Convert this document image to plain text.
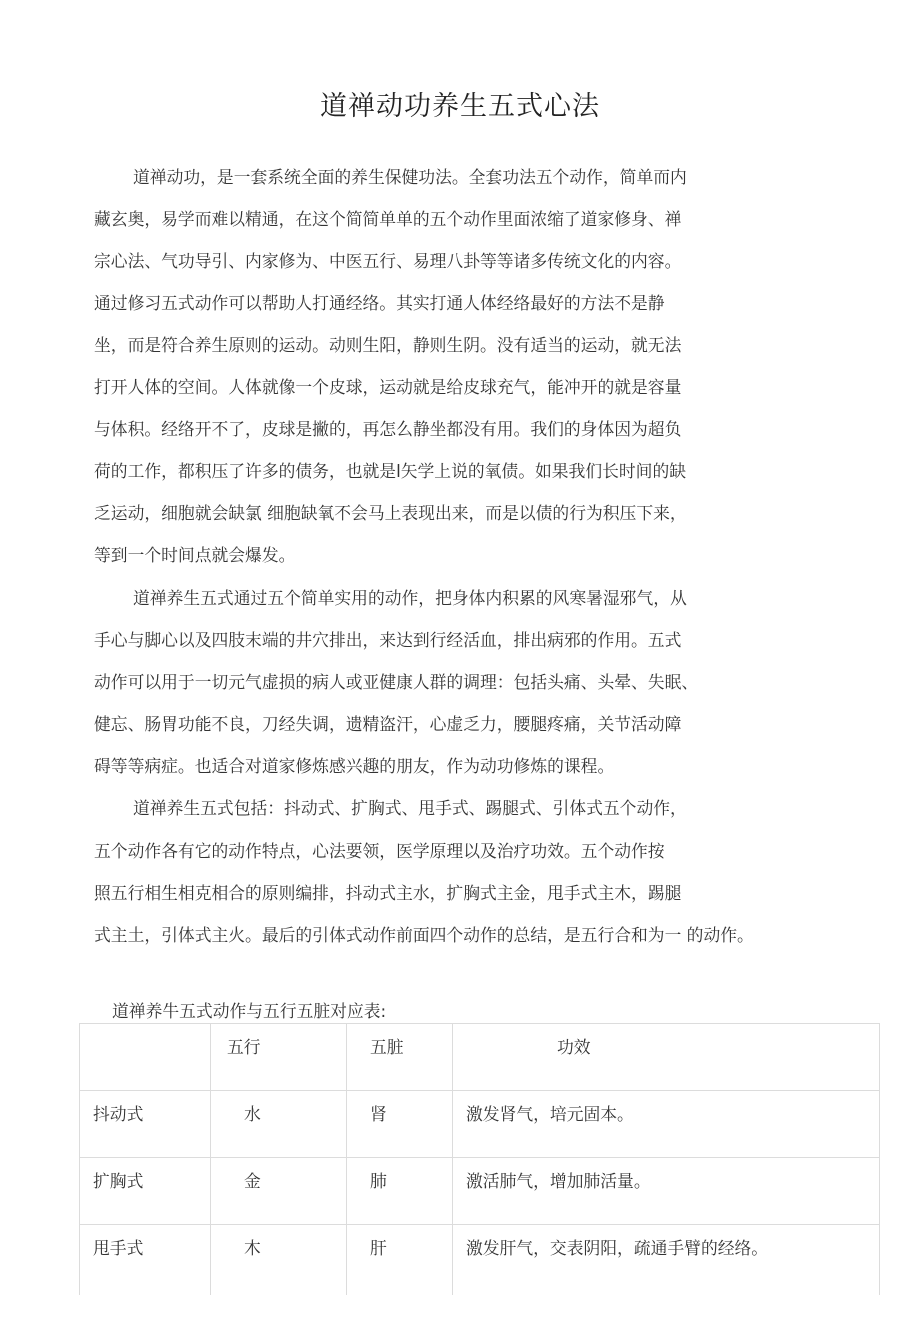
道禅动功养生五式心法
道禅动功，是一套系统全面的养生保健功法。全套功法五个动作，简单而内
藏玄奥，易学而难以精通，在这个简简单单的五个动作里面浓缩了道家修身、禅
宗心法、气功导引、内家修为、中医五行、易理八卦等等诸多传统文化的内容。
通过修习五式动作可以帮助人打通经络。其实打通人体经络最好的方法不是静
坐，而是符合养生原则的运动。动则生阳，静则生阴。没有适当的运动，就无法
打开人体的空间。人体就像一个皮球，运动就是给皮球充气，能冲开的就是容量
与体积。经络开不了，皮球是撇的，再怎么静坐都没有用。我们的身体因为超负
荷的工作，都积压了许多的债务，也就是l矢学上说的氧债。如果我们长时间的缺
乏运动，细胞就会缺氯 细胞缺氧不会马上表现出来，而是以债的行为积压下来，
等到一个时间点就会爆发。
道禅养生五式通过五个简单实用的动作，把身体内积累的风寒暑湿邪气，从
手心与脚心以及四肢末端的井穴排出，来达到行经活血，排出病邪的作用。五式
动作可以用于一切元气虚损的病人或亚健康人群的调理：包括头痛、头晕、失眠、
健忘、肠胃功能不良，刀经失调，遗精盗汗，心虚乏力，腰腿疼痛，关节活动障
碍等等病症。也适合对道家修炼感兴趣的朋友，作为动功修炼的课程。
道禅养生五式包括：抖动式、扩胸式、甩手式、踢腿式、引体式五个动作，
五个动作各有它的动作特点，心法要领，医学原理以及治疗功效。五个动作按
照五行相生相克相合的原则编排，抖动式主水，扩胸式主金，甩手式主木，踢腿
式主土，引体式主火。最后的引体式动作前面四个动作的总结，是五行合和为一 的动作。
道禅养牛五式动作与五行五脏对应表:
	五行	五脏	功效
抖动式	水	肾	激发肾气，培元固本。
扩胸式	金	肺	激活肺气，增加肺活量。
甩手式	木	肝	激发肝气，交表阴阳，疏通手臂的经络。
